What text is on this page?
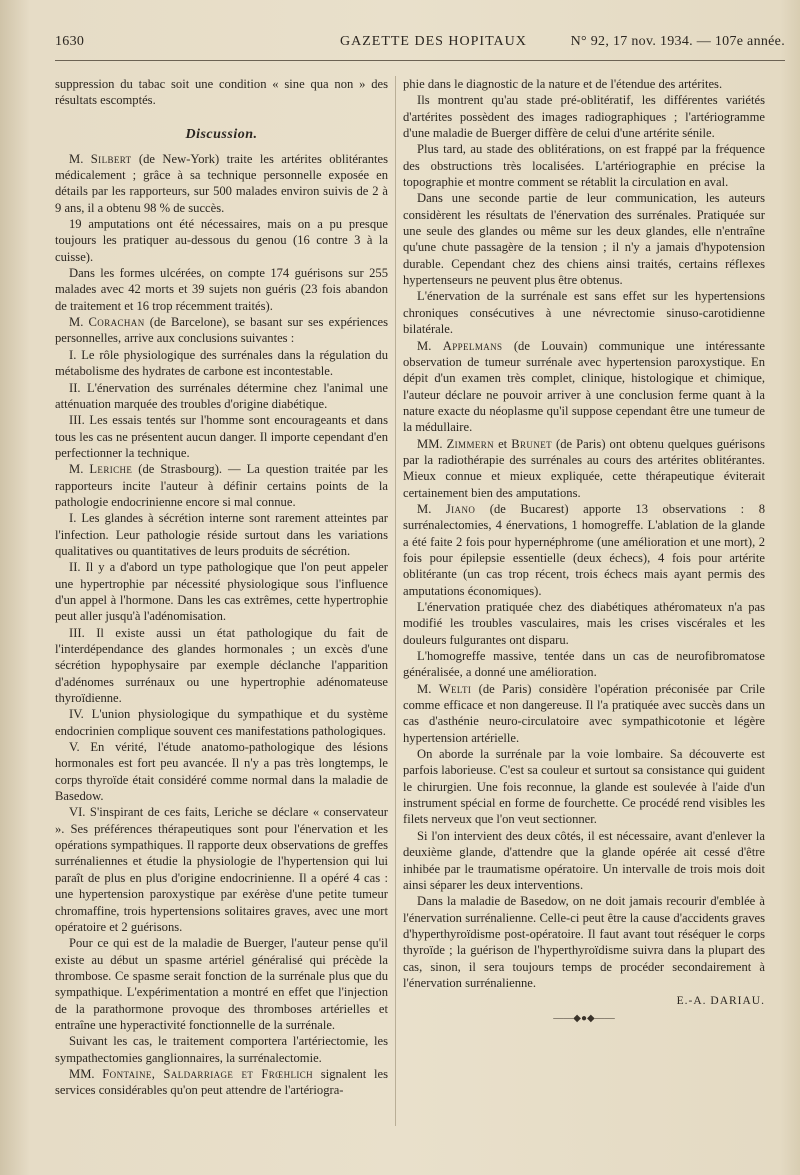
1630	GAZETTE DES HOPITAUX	N° 92, 17 nov. 1934. — 107e année.

suppression du tabac soit une condition « sine qua non » des résultats escomptés.

Discussion.

M. Silbert (de New-York) traite les artérites oblitérantes médicalement ; grâce à sa technique personnelle exposée en détails par les rapporteurs, sur 500 malades environ suivis de 2 à 9 ans, il a obtenu 98 % de succès.

19 amputations ont été nécessaires, mais on a pu presque toujours les pratiquer au-dessous du genou (16 contre 3 à la cuisse).

Dans les formes ulcérées, on compte 174 guérisons sur 255 malades avec 42 morts et 39 sujets non guéris (23 fois abandon de traitement et 16 trop récemment traités).

M. Corachan (de Barcelone), se basant sur ses expériences personnelles, arrive aux conclusions suivantes :

I. Le rôle physiologique des surrénales dans la régulation du métabolisme des hydrates de carbone est incontestable.

II. L'énervation des surrénales détermine chez l'animal une atténuation marquée des troubles d'origine diabétique.

III. Les essais tentés sur l'homme sont encourageants et dans tous les cas ne présentent aucun danger. Il importe cependant d'en perfectionner la technique.

M. Leriche (de Strasbourg). — La question traitée par les rapporteurs incite l'auteur à définir certains points de la pathologie endocrinienne encore si mal connue.

I. Les glandes à sécrétion interne sont rarement atteintes par l'infection. Leur pathologie réside surtout dans les variations qualitatives ou quantitatives de leurs produits de sécrétion.

II. Il y a d'abord un type pathologique que l'on peut appeler une hypertrophie par nécessité physiologique sous l'influence d'un appel à l'hormone. Dans les cas extrêmes, cette hypertrophie peut aller jusqu'à l'adénomisation.

III. Il existe aussi un état pathologique du fait de l'interdépendance des glandes hormonales ; un excès d'une sécrétion hypophysaire par exemple déclanche l'apparition d'adénomes surrénaux ou une hypertrophie adénomateuse thyroïdienne.

IV. L'union physiologique du sympathique et du système endocrinien complique souvent ces manifestations pathologiques.

V. En vérité, l'étude anatomo-pathologique des lésions hormonales est fort peu avancée. Il n'y a pas très longtemps, le corps thyroïde était considéré comme normal dans la maladie de Basedow.

VI. S'inspirant de ces faits, Leriche se déclare « conservateur ». Ses préférences thérapeutiques sont pour l'énervation et les opérations sympathiques. Il rapporte deux observations de greffes surrénaliennes et étudie la physiologie de l'hypertension qui lui paraît de plus en plus d'origine endocrinienne. Il a opéré 4 cas : une hypertension paroxystique par exérèse d'une petite tumeur chromaffine, trois hypertensions solitaires graves, avec une mort opératoire et 2 guérisons.

Pour ce qui est de la maladie de Buerger, l'auteur pense qu'il existe au début un spasme artériel généralisé qui précède la thrombose. Ce spasme serait fonction de la surrénale plus que du sympathique. L'expérimentation a montré en effet que l'injection de la parathormone provoque des thromboses artérielles et entraîne une hyperactivité fonctionnelle de la surrénale.

Suivant les cas, le traitement comportera l'artériectomie, les sympathectomies ganglionnaires, la surrénalectomie.

MM. Fontaine, Saldarriage et Frœhlich signalent les services considérables qu'on peut attendre de l'artériogra-

phie dans le diagnostic de la nature et de l'étendue des artérites.

Ils montrent qu'au stade pré-oblitératif, les différentes variétés d'artérites possèdent des images radiographiques ; l'artériogramme d'une maladie de Buerger diffère de celui d'une artérite sénile.

Plus tard, au stade des oblitérations, on est frappé par la fréquence des obstructions très localisées. L'artériographie en précise la topographie et montre comment se rétablit la circulation en aval.

Dans une seconde partie de leur communication, les auteurs considèrent les résultats de l'énervation des surrénales. Pratiquée sur une seule des glandes ou même sur les deux glandes, elle n'entraîne qu'une chute passagère de la tension ; il n'y a jamais d'hypotension durable. Cependant chez des chiens ainsi traités, certains réflexes hypertenseurs ne peuvent plus être obtenus.

L'énervation de la surrénale est sans effet sur les hypertensions chroniques consécutives à une névrectomie sinuso-carotidienne bilatérale.

M. Appelmans (de Louvain) communique une intéressante observation de tumeur surrénale avec hypertension paroxystique. En dépit d'un examen très complet, clinique, histologique et chimique, l'auteur déclare ne pouvoir arriver à une conclusion ferme quant à la nature exacte du néoplasme qu'il suppose cependant être une tumeur de la médullaire.

MM. Zimmern et Brunet (de Paris) ont obtenu quelques guérisons par la radiothérapie des surrénales au cours des artérites oblitérantes. Mieux connue et mieux expliquée, cette thérapeutique éviterait certainement bien des amputations.

M. Jiano (de Bucarest) apporte 13 observations : 8 surrénalectomies, 4 énervations, 1 homogreffe. L'ablation de la glande a été faite 2 fois pour hypernéphrome (une amélioration et une mort), 2 fois pour épilepsie essentielle (deux échecs), 4 fois pour artérite oblitérante (un cas trop récent, trois échecs mais ayant permis des amputations économiques).

L'énervation pratiquée chez des diabétiques athéromateux n'a pas modifié les troubles vasculaires, mais les crises viscérales et les douleurs fulgurantes ont disparu.

L'homogreffe massive, tentée dans un cas de neurofibromatose généralisée, a donné une amélioration.

M. Welti (de Paris) considère l'opération préconisée par Crile comme efficace et non dangereuse. Il l'a pratiquée avec succès dans un cas d'asthénie neuro-circulatoire avec sympathicotonie et légère hypertension artérielle.

On aborde la surrénale par la voie lombaire. Sa découverte est parfois laborieuse. C'est sa couleur et surtout sa consistance qui guident le chirurgien. Une fois reconnue, la glande est soulevée à l'aide d'un instrument spécial en forme de fourchette. Ce procédé rend visibles les filets nerveux que l'on veut sectionner.

Si l'on intervient des deux côtés, il est nécessaire, avant d'enlever la deuxième glande, d'attendre que la glande opérée ait cessé d'être inhibée par le traumatisme opératoire. Un intervalle de trois mois doit ainsi séparer les deux interventions.

Dans la maladie de Basedow, on ne doit jamais recourir d'emblée à l'énervation surrénalienne. Celle-ci peut être la cause d'accidents graves d'hyperthyroïdisme post-opératoire. Il faut avant tout réséquer le corps thyroïde ; la guérison de l'hyperthyroïdisme suivra dans la plupart des cas, sinon, il sera toujours temps de procéder secondairement à l'énervation surrénalienne.

E.-A. DARIAU.
——◆●◆——
